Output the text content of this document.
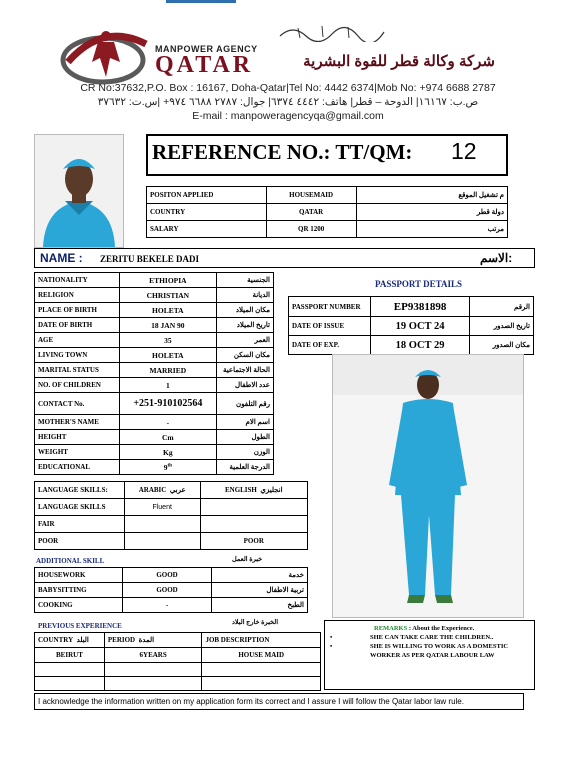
MANPOWER AGENCY
QATAR	شركة وكالة قطر للقوة البشرية
CR No:37632,P.O. Box : 16167, Doha-Qatar|Tel No: 4442 6374|Mob No: +974 6688 2787
ص.ب: ١٦١٦٧| الدوحة – قطر| هاتف: ٤٤٤٢ ٦٣٧٤| جوال: ٢٧٨٧ ٦٦٨٨ ٩٧٤+ |س.ت: ٣٧٦٣٢
E-mail : manpoweragencyqa@gmail.com
REFERENCE NO.: TT/QM: 12
POSITON APPLIED	HOUSEMAID	م تشغيل الموقع
COUNTRY	QATAR	دولة قطر
SALARY	QR 1200	مرتب
NAME : ZERITU BEKELE DADI	الاسم:
NATIONALITY	ETHIOPIA	الجنسية
RELIGION	CHRISTIAN	الديانة
PLACE OF BIRTH	HOLETA	مكان الميلاد
DATE OF BIRTH	18 JAN 90	تاريخ الميلاد
AGE	35	العمر
LIVING TOWN	HOLETA	مكان السكن
MARITAL STATUS	MARRIED	الحالة الاجتماعية
NO. OF CHILDREN	1	عدد الاطفال
CONTACT No.	+251-910102564	رقم التلفون
MOTHER'S NAME	-	اسم الام
HEIGHT	Cm	الطول
WEIGHT	Kg	الوزن
EDUCATIONAL	9th	الدرجة العلمية
PASSPORT DETAILS
PASSPORT NUMBER	EP9381898	الرقم
DATE OF ISSUE	19 OCT 24	تاريخ الصدور
DATE OF EXP.	18 OCT 29	مكان الصدور
LANGUAGE SKILLS:	ARABIC عربي	ENGLISH انجليزي
LANGUAGE SKILLS	Fluent	
FAIR		
POOR		POOR
ADDITIONAL SKILL	خبرة العمل
HOUSEWORK	GOOD	خدمة
BABYSITTING	GOOD	تربية الاطفال
COOKING	-	الطبخ
PREVIOUS EXPERIENCE	الخبرة خارج البلاد
COUNTRY البلد	PERIOD المدة	JOB DESCRIPTION
BEIRUT	6YEARS	HOUSE MAID

REMARKS : About the Experience.
•	SHE CAN TAKE CARE THE CHILDREN..
•	SHE IS WILLING TO WORK AS A DOMESTIC WORKER AS PER QATAR LABOUR LAW
I acknowledge the information written on my application form its correct and I assure I will follow the Qatar labor law rule.
